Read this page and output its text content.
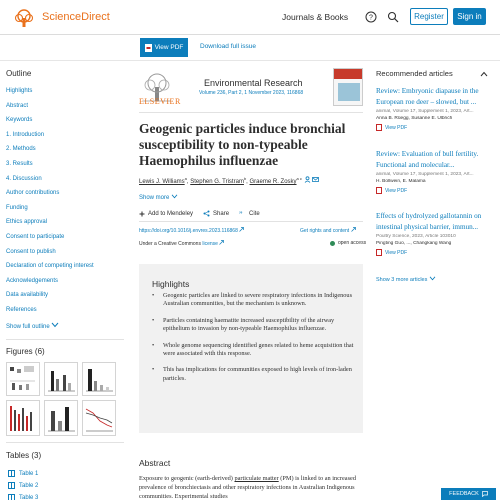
ScienceDirect	Journals & Books	?	Register	Sign in
View PDF	Download full issue
Outline
Highlights
Abstract
Keywords
1. Introduction
2. Methods
3. Results
4. Discussion
Author contributions
Funding
Ethics approval
Consent to participate
Consent to publish
Declaration of competing interest
Acknowledgements
Data availability
References
Show full outline
Figures (6)
Tables (3)
Table 1
Table 2
Table 3
ELSEVIER
Environmental Research
Volume 236, Part 2, 1 November 2023, 116868
Geogenic particles induce bronchial susceptibility to non-typeable Haemophilus influenzae
Lewis J. Williams$^a$, Stephen G. Tristram$^b$, Graeme R. Zosky$^{a c}$
Show more
Add to Mendeley	Share ” Cite
https://doi.org/10.1016/j.envres.2023.116868	Get rights and content
Under a Creative Commons license	open access
Highlights
• Geogenic particles are linked to severe respiratory infections in Indigenous Australian communities, but the mechanism is unknown.
• Particles containing haematite increased susceptibility of the airway epithelium to invasion by non-typeable Haemophilus influenzae.
• Whole genome sequencing identified genes related to heme acquisition that were associated with this response.
• This has implications for communities exposed to high levels of iron-laden particles.
Abstract

Exposure to geogenic (earth-derived) particulate matter (PM) is linked to an increased prevalence of bronchiectasis and other respiratory infections in Australian Indigenous communities. Experimental studies

Recommended articles
Review: Embryonic diapause in the European roe deer – slowed, but ...
animal, Volume 17, Supplement 1, 2023, Art...
Anna B. Rüegg, Susanne E. Ulbrich
View PDF
Review: Evaluation of bull fertility. Functional and molecular...
animal, Volume 17, Supplement 1, 2023, Art...
H. Bollwein, E. Malama
View PDF
Effects of hydrolyzed gallotannin on intestinal physical barrier, immun...
Poultry Science, 2023, Article 103010
Pingting Guo, ..., Changkang Wang
View PDF
Show 3 more articles
FEEDBACK
